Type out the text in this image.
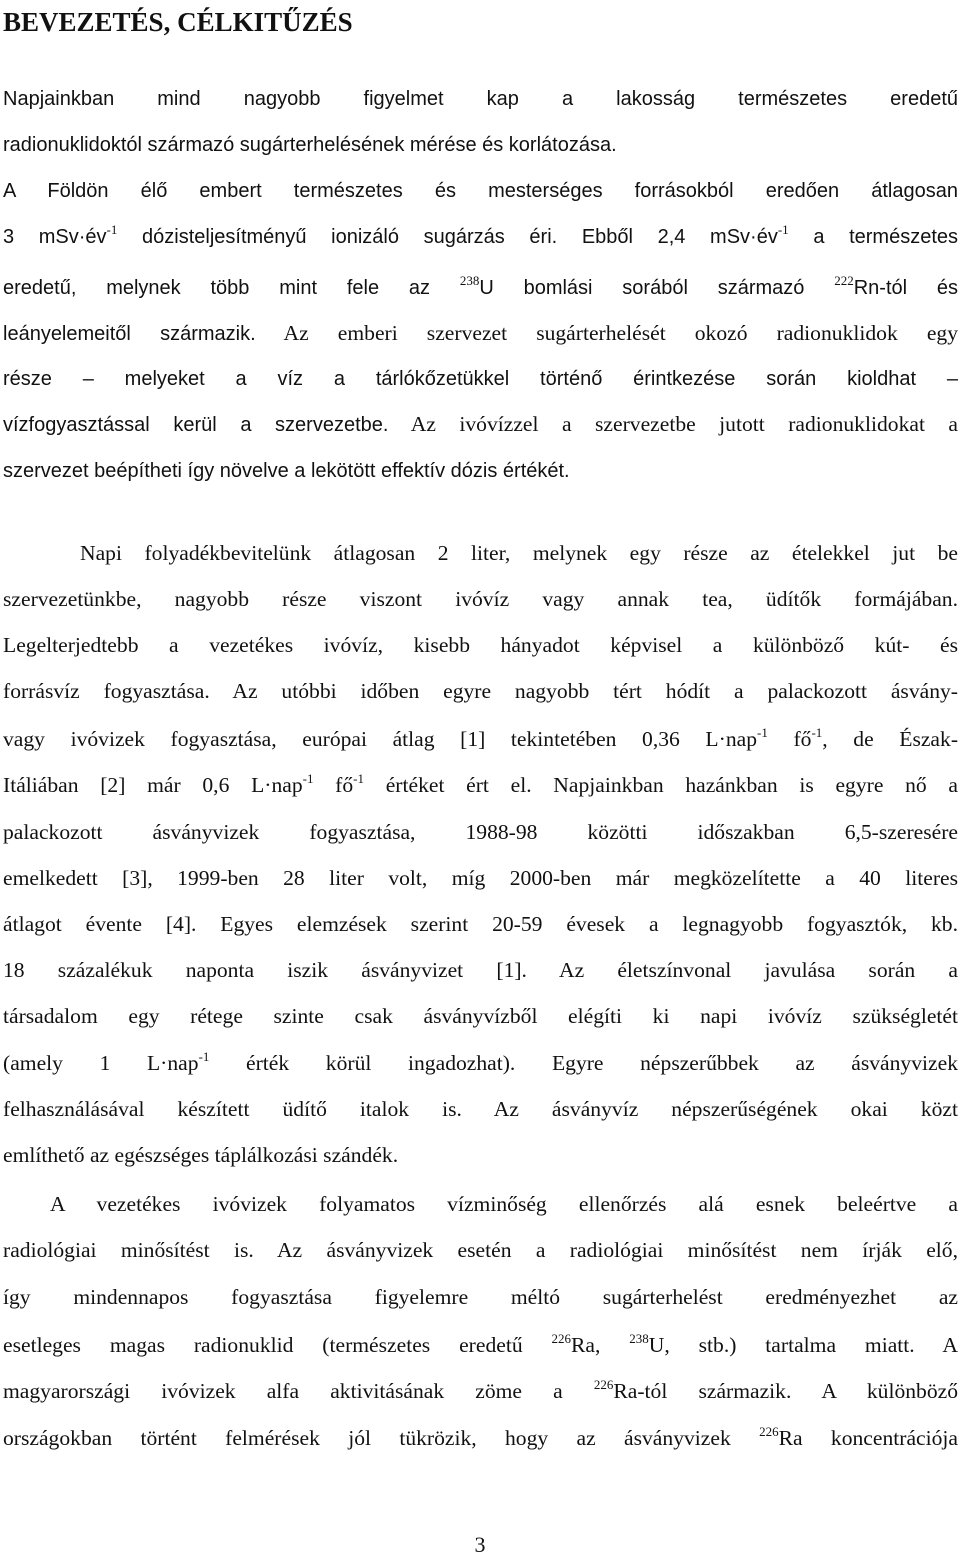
BEVEZETÉS, CÉLKITŰZÉS
Napjainkban mind nagyobb figyelmet kap a lakosság természetes eredetű
radionuklidoktól származó sugárterhelésének mérése és korlátozása.
A Földön élő embert természetes és mesterséges forrásokból eredően átlagosan
3 $mSv\cdot év^{-1}$ dózisteljesítményű ionizáló sugárzás éri. Ebből 2,4 $mSv\cdot év^{-1}$ a természetes
eredetű, melynek több mint fele az $^{238}$U bomlási sorából származó $^{222}$Rn-tól és
leányelemeitől származik. Az emberi szervezet sugárterhelését okozó radionuklidok egy
része – melyeket a víz a tárlókőzetükkel történő érintkezése során kioldhat –
vízfogyasztással kerül a szervezetbe. Az ivóvízzel a szervezetbe jutott radionuklidokat a
szervezet beépítheti így növelve a lekötött effektív dózis értékét.
Napi folyadékbevitelünk átlagosan 2 liter, melynek egy része az ételekkel jut be
szervezetünkbe, nagyobb része viszont ivóvíz vagy annak tea, üdítők formájában.
Legelterjedtebb a vezetékes ivóvíz, kisebb hányadot képvisel a különböző kút- és
forrásvíz fogyasztása. Az utóbbi időben egyre nagyobb tért hódít a palackozott ásvány-
vagy ivóvizek fogyasztása, európai átlag [1] tekintetében 0,36 L·nap$^{-1}$ $fő^{-1}$, de Észak-
Itáliában [2] már 0,6 L·nap$^{-1}$ $fő^{-1}$ értéket ért el. Napjainkban hazánkban is egyre nő a
palackozott ásványvizek fogyasztása, 1988-98 közötti időszakban 6,5-szeresére
emelkedett [3], 1999-ben 28 liter volt, míg 2000-ben már megközelítette a 40 literes
átlagot évente [4]. Egyes elemzések szerint 20-59 évesek a legnagyobb fogyasztók, kb.
18 százalékuk naponta iszik ásványvizet [1]. Az életszínvonal javulása során a
társadalom egy rétege szinte csak ásványvízből elégíti ki napi ivóvíz szükségletét
(amely 1 L·nap$^{-1}$ érték körül ingadozhat). Egyre népszerűbbek az ásványvizek
felhasználásával készített üdítő italok is. Az ásványvíz népszerűségének okai közt
említhető az egészséges táplálkozási szándék.
A vezetékes ivóvizek folyamatos vízminőség ellenőrzés alá esnek beleértve a
radiológiai minősítést is. Az ásványvizek esetén a radiológiai minősítést nem írják elő,
így mindennapos fogyasztása figyelemre méltó sugárterhelést eredményezhet az
esetleges magas radionuklid (természetes eredetű $^{226}$Ra, $^{238}$U, stb.) tartalma miatt. A
magyarországi ivóvizek alfa aktivitásának zöme a $^{226}$Ra-tól származik. A különböző
országokban történt felmérések jól tükrözik, hogy az ásványvizek $^{226}$Ra koncentrációja
3
